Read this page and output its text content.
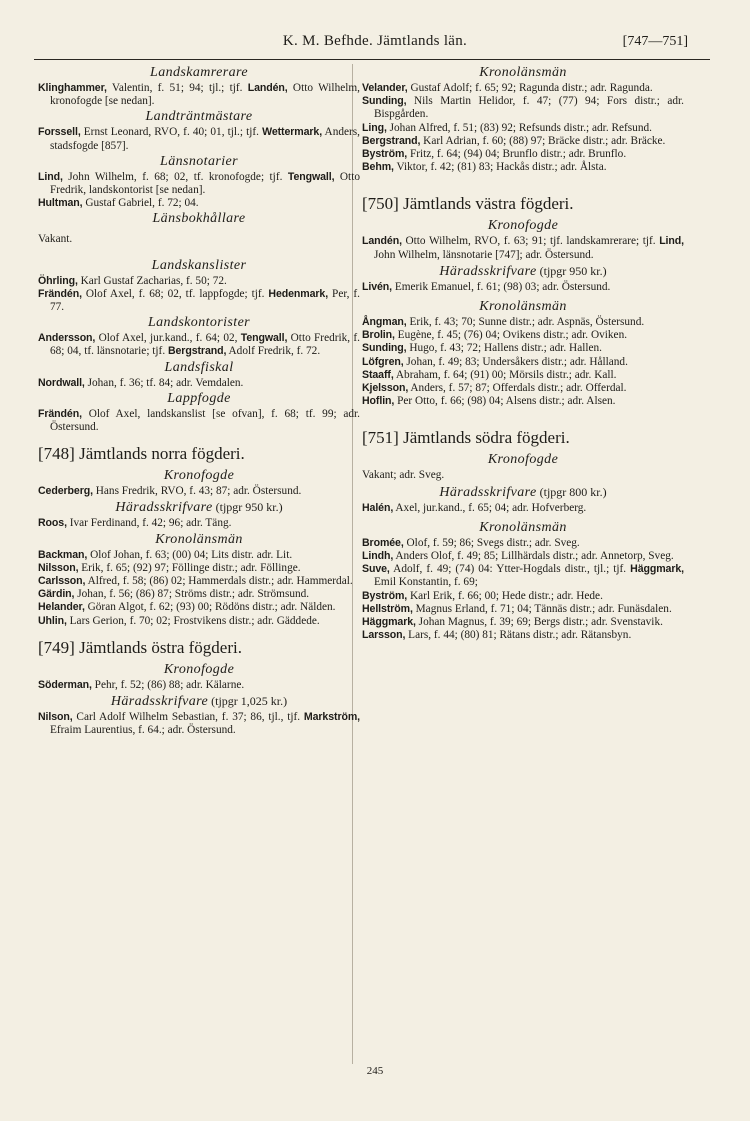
K. M. Befhde. Jämtlands län.	[747—751]
Landskamrerare
Klinghammer, Valentin, f. 51; 94; tjl.; tjf. Landén, Otto Wilhelm, kronofogde [se nedan].
Landträntmästare
Forssell, Ernst Leonard, RVO, f. 40; 01, tjl.; tjf. Wettermark, Anders, stadsfogde [857].
Länsnotarier
Lind, John Wilhelm, f. 68; 02, tf. kronofogde; tjf. Tengwall, Otto Fredrik, landskontorist [se nedan].
Hultman, Gustaf Gabriel, f. 72; 04.
Länsbokhållare
Vakant.
Landskanslister
Öhrling, Karl Gustaf Zacharias, f. 50; 72.
Frändén, Olof Axel, f. 68; 02, tf. lappfogde; tjf. Hedenmark, Per, f. 77.
Landskontorister
Andersson, Olof Axel, jur.kand., f. 64; 02, Tengwall, Otto Fredrik, f. 68; 04, tf. länsnotarie; tjf. Bergstrand, Adolf Fredrik, f. 72.
Landsfiskal
Nordwall, Johan, f. 36; tf. 84; adr. Vemdalen.
Lappfogde
Frändén, Olof Axel, landskanslist [se ofvan], f. 68; tf. 99; adr. Östersund.
[748] Jämtlands norra fögderi.
Kronofogde
Cederberg, Hans Fredrik, RVO, f. 43; 87; adr. Östersund.
Häradsskrifvare (tjpgr 950 kr.)
Roos, Ivar Ferdinand, f. 42; 96; adr. Täng.
Kronolänsmän
Backman, Olof Johan, f. 63; (00) 04; Lits distr. adr. Lit.
Nilsson, Erik, f. 65; (92) 97; Föllinge distr.; adr. Föllinge.
Carlsson, Alfred, f. 58; (86) 02; Hammerdals distr.; adr. Hammerdal.
Gärdin, Johan, f. 56; (86) 87; Ströms distr.; adr. Strömsund.
Helander, Göran Algot, f. 62; (93) 00; Rödöns distr.; adr. Nälden.
Uhlin, Lars Gerion, f. 70; 02; Frostvikens distr.; adr. Gäddede.
[749] Jämtlands östra fögderi.
Kronofogde
Söderman, Pehr, f. 52; (86) 88; adr. Kälarne.
Häradsskrifvare (tjpgr 1,025 kr.)
Nilson, Carl Adolf Wilhelm Sebastian, f. 37; 86, tjl., tjf. Markström, Efraim Laurentius, f. 64.; adr. Östersund.
Kronolänsmän
Velander, Gustaf Adolf; f. 65; 92; Ragunda distr.; adr. Ragunda.
Sunding, Nils Martin Helidor, f. 47; (77) 94; Fors distr.; adr. Bispgården.
Ling, Johan Alfred, f. 51; (83) 92; Refsunds distr.; adr. Refsund.
Bergstrand, Karl Adrian, f. 60; (88) 97; Bräcke distr.; adr. Bräcke.
Byström, Fritz, f. 64; (94) 04; Brunflo distr.; adr. Brunflo.
Behm, Viktor, f. 42; (81) 83; Hackås distr.; adr. Ålsta.
[750] Jämtlands västra fögderi.
Kronofogde
Landén, Otto Wilhelm, RVO, f. 63; 91; tjf. landskamrerare; tjf. Lind, John Wilhelm, länsnotarie [747]; adr. Östersund.
Häradsskrifvare (tjpgr 950 kr.)
Livén, Emerik Emanuel, f. 61; (98) 03; adr. Östersund.
Kronolänsmän
Ångman, Erik, f. 43; 70; Sunne distr.; adr. Aspnäs, Östersund.
Brolin, Eugène, f. 45; (76) 04; Ovikens distr.; adr. Oviken.
Sunding, Hugo, f. 43; 72; Hallens distr.; adr. Hallen.
Löfgren, Johan, f. 49; 83; Undersåkers distr.; adr. Hålland.
Staaff, Abraham, f. 64; (91) 00; Mörsils distr.; adr. Kall.
Kjelsson, Anders, f. 57; 87; Offerdals distr.; adr. Offerdal.
Hoflin, Per Otto, f. 66; (98) 04; Alsens distr.; adr. Alsen.
[751] Jämtlands södra fögderi.
Kronofogde
Vakant; adr. Sveg.
Häradsskrifvare (tjpgr 800 kr.)
Halén, Axel, jur.kand., f. 65; 04; adr. Hofverberg.
Kronolänsmän
Bromée, Olof, f. 59; 86; Svegs distr.; adr. Sveg.
Lindh, Anders Olof, f. 49; 85; Lillhärdals distr.; adr. Annetorp, Sveg.
Suve, Adolf, f. 49; (74) 04: Ytter-Hogdals distr., tjl.; tjf. Häggmark, Emil Konstantin, f. 69;
Byström, Karl Erik, f. 66; 00; Hede distr.; adr. Hede.
Hellström, Magnus Erland, f. 71; 04; Tännäs distr.; adr. Funäsdalen.
Häggmark, Johan Magnus, f. 39; 69; Bergs distr.; adr. Svenstavik.
Larsson, Lars, f. 44; (80) 81; Rätans distr.; adr. Rätansbyn.
245
